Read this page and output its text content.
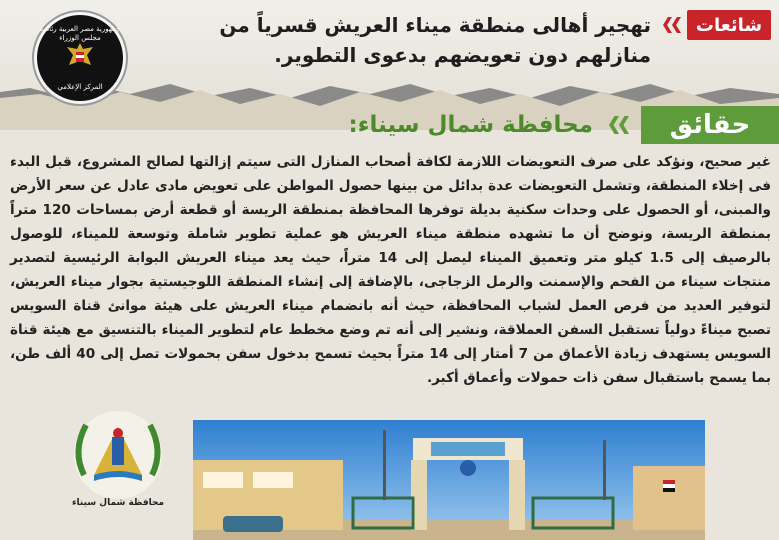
شائعات
تهجير أهالى منطقة ميناء العريش قسرياً من منازلهم دون تعويضهم بدعوى التطوير.
جمهورية مصر العربية رئاسة مجلس الوزراء
المركز الإعلامي
حقائق
محافظة شمال سيناء:
غير صحيح، ونؤكد على صرف التعويضات اللازمة لكافة أصحاب المنازل التى سيتم إزالتها لصالح المشروع، قبل البدء فى إخلاء المنطقة، وتشمل التعويضات عدة بدائل من بينها حصول المواطن على تعويض مادى عادل عن سعر الأرض والمبنى، أو الحصول على وحدات سكنية بديلة توفرها المحافظة بمنطقة الريسة أو قطعة أرض بمساحات 120 متراً بمنطقة الريسة، ونوضح أن ما تشهده منطقة ميناء العريش هو عملية تطوير شاملة وتوسعة للميناء، للوصول بالرصيف إلى 1.5 كيلو متر وتعميق الميناء ليصل إلى 14 متراً، حيث يعد ميناء العريش البوابة الرئيسية لتصدير منتجات سيناء من الفحم والإسمنت والرمل الزجاجى، بالإضافة إلى إنشاء المنطقة اللوجيستية بجوار ميناء العريش، لتوفير العديد من فرص العمل لشباب المحافظة، حيث أنه بانضمام ميناء العريش على هيئة موانئ قناة السويس تصبح ميناءً دولياً تستقبل السفن العملاقة، ونشير إلى أنه تم وضع مخطط عام لتطوير الميناء بالتنسيق مع هيئة قناة السويس يستهدف زيادة الأعماق من 7 أمتار إلى 14 متراً بحيث تسمح بدخول سفن بحمولات تصل إلى 40 ألف طن، بما يسمح باستقبال سفن ذات حمولات وأعماق أكبر.
محافظة شمال سيناء
